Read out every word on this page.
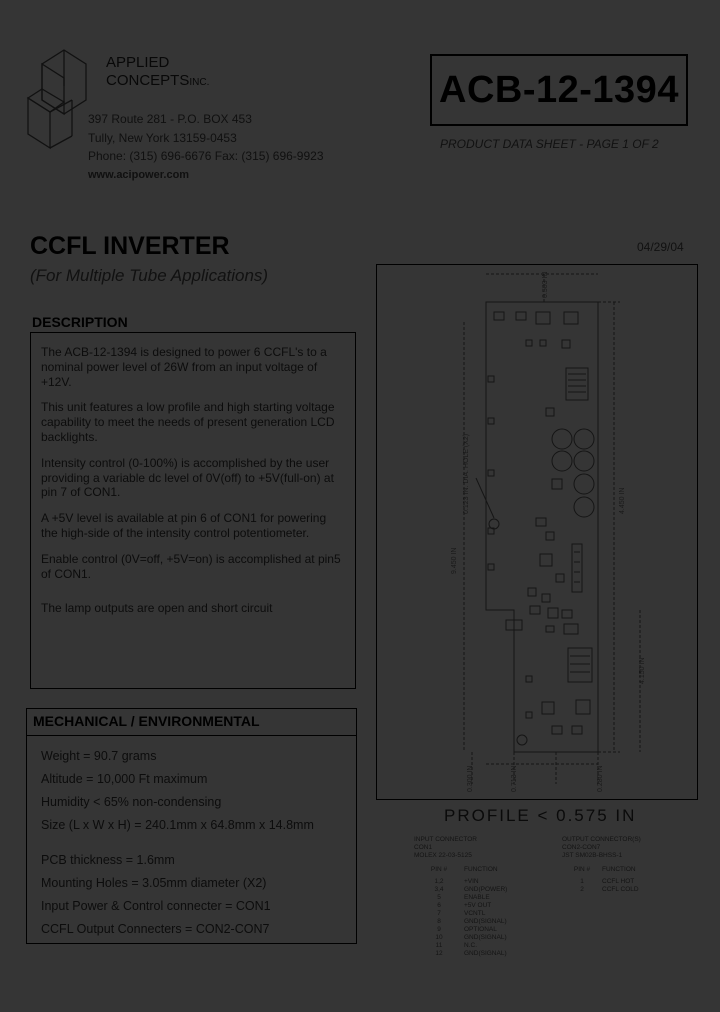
APPLIED
CONCEPTSINC.
397 Route 281 - P.O. BOX 453
Tully, New York 13159-0453
Phone: (315) 696-6676 Fax: (315) 696-9923
www.acipower.com
ACB-12-1394
PRODUCT DATA SHEET - PAGE 1 OF 2
CCFL INVERTER
(For Multiple Tube Applications)
04/29/04
DESCRIPTION

The ACB-12-1394 is designed to power 6 CCFL's to a nominal power level of 26W from an input voltage of +12V.

This unit features a low profile and high starting voltage capability to meet the needs of present generation LCD backlights.

Intensity control (0-100%) is accomplished by the user providing a variable dc level of 0V(off) to +5V(full-on) at pin 7 of CON1.

A +5V level is available at pin 6 of CON1 for powering the high-side of the intensity control potentiometer.

Enable control (0V=off, +5V=on) is accomplished at pin5 of CON1.

The lamp outputs are open and short circuit

MECHANICAL / ENVIRONMENTAL
Weight = 90.7 grams
Altitude = 10,000 Ft maximum
Humidity < 65% non-condensing
Size (L x W x H) = 240.1mm x 64.8mm x 14.8mm
PCB thickness = 1.6mm
Mounting Holes = 3.05mm diameter (X2)
Input Power & Control connecter = CON1
CCFL Output Connecters = CON2-CON7
0.503 IN
4.450 IN
0.123 IN. DIA. HOLE (X2)
9.450 IN
4.150 IN
0.300 IN	0.713 IN	0.280 IN
PROFILE < 0.575 IN
INPUT CONNECTOR
CON1
MOLEX 22-03-5125
PIN #	FUNCTION
1,2	+VIN
3,4	GND(POWER)
5	ENABLE
6	+5V OUT
7	VCNTL
8	GND(SIGNAL)
9	OPTIONAL
10	GND(SIGNAL)
11	N.C.
12	GND(SIGNAL)
OUTPUT CONNECTOR(S)
CON2-CON7
JST SM02B-BHSS-1
PIN #	FUNCTION
1	CCFL HOT
2	CCFL COLD
